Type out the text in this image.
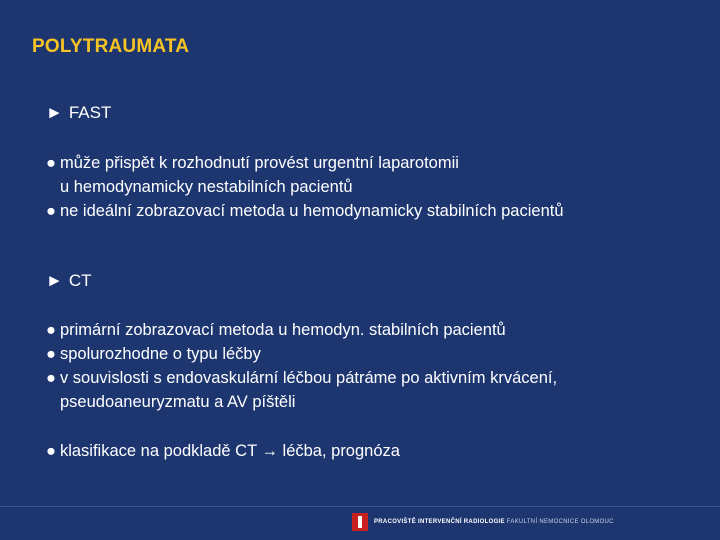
POLYTRAUMATA
► FAST
● může přispět k rozhodnutí provést urgentní laparotomii
u hemodynamicky nestabilních pacientů
● ne ideální zobrazovací metoda u hemodynamicky stabilních pacientů
► CT
● primární zobrazovací metoda u hemodyn. stabilních pacientů
● spolurozhodne o typu léčby
● v souvislosti s endovaskulární léčbou pátráme po aktivním krvácení,
pseudoaneuryzmatu a AV píštěli
● klasifikace na podkladě CT → léčba, prognóza
PRACOVIŠTĚ INTERVENČNÍ RADIOLOGIE FAKULTNÍ NEMOCNICE OLOMOUC
